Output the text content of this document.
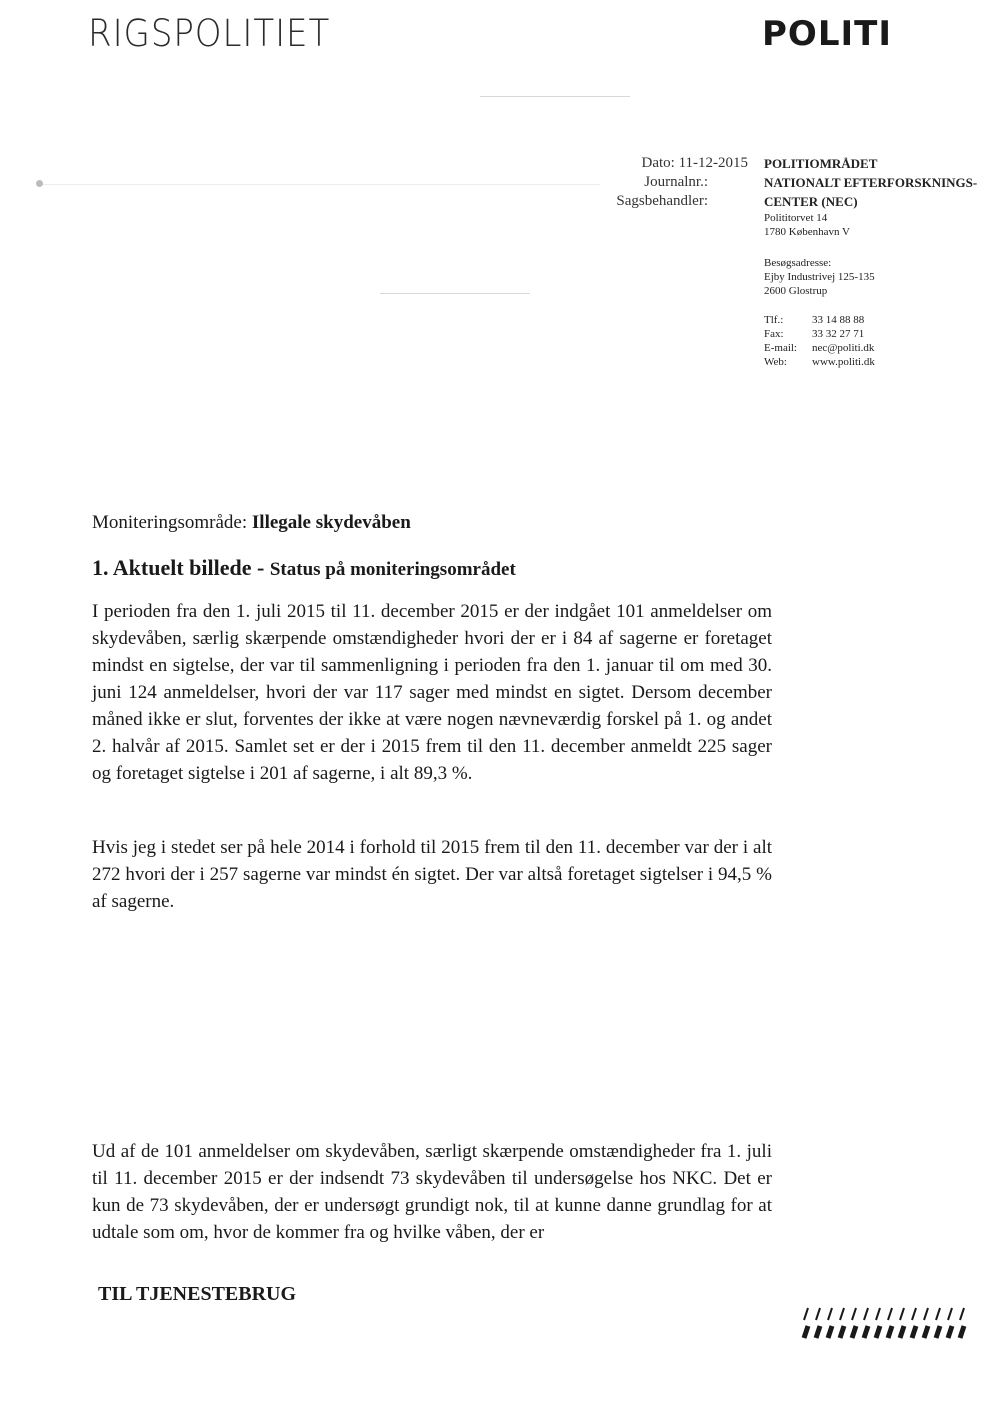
RIGSPOLITIET	POLITI
Dato: 11-12-2015
Journalnr.:
Sagsbehandler:
POLITIOMRÅDET
NATIONALT EFTERFORSKNINGS-
CENTER (NEC)
Polititorvet 14
1780 København V
Besøgsadresse:
Ejby Industrivej 125-135
2600 Glostrup
Tlf.:	33 14 88 88
Fax:	33 32 27 71
E-mail:	nec@politi.dk
Web:	www.politi.dk
Moniteringsområde: Illegale skydevåben
1. Aktuelt billede - Status på moniteringsområdet
I perioden fra den 1. juli 2015 til 11. december 2015 er der indgået 101 anmeldelser om skydevåben, særlig skærpende omstændigheder hvori der er i 84 af sagerne er foretaget mindst en sigtelse, der var til sammenligning i perioden fra den 1. januar til om med 30. juni 124 anmeldelser, hvori der var 117 sager med mindst en sigtet. Dersom december måned ikke er slut, forventes der ikke at være nogen nævneværdig forskel på 1. og andet 2. halvår af 2015. Samlet set er der i 2015 frem til den 11. december anmeldt 225 sager og foretaget sigtelse i 201 af sagerne, i alt 89,3 %.
Hvis jeg i stedet ser på hele 2014 i forhold til 2015 frem til den 11. december var der i alt 272 hvori der i 257 sagerne var mindst én sigtet. Der var altså foretaget sigtelser i 94,5 % af sagerne.
Ud af de 101 anmeldelser om skydevåben, særligt skærpende omstændigheder fra 1. juli til 11. december 2015 er der indsendt 73 skydevåben til undersøgelse hos NKC. Det er kun de 73 skydevåben, der er undersøgt grundigt nok, til at kunne danne grundlag for at udtale som om, hvor de kommer fra og hvilke våben, der er
TIL TJENESTEBRUG
